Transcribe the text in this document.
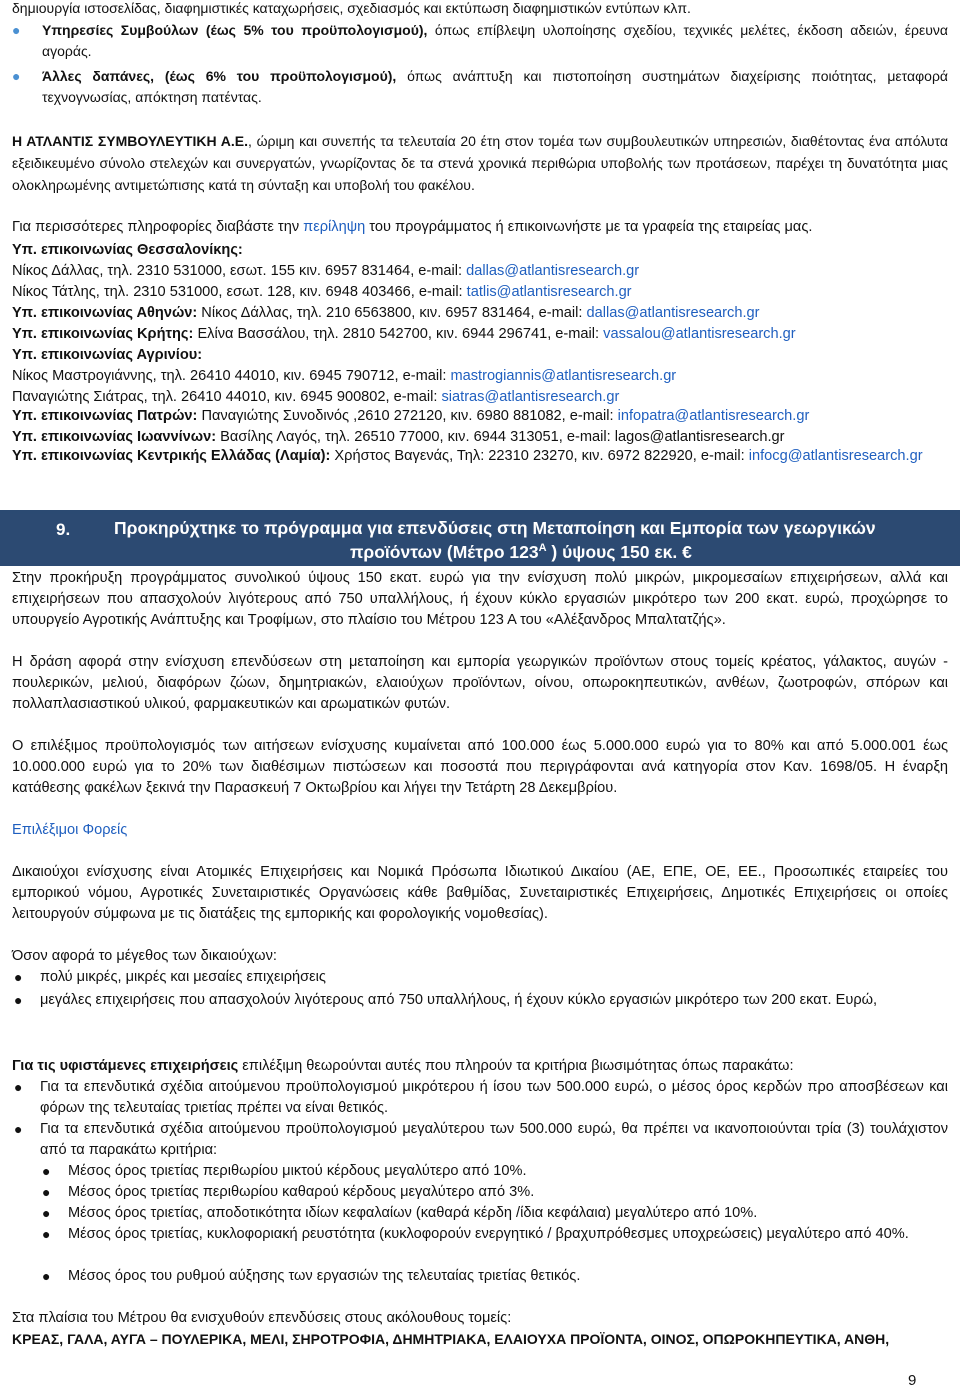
δημιουργία ιστοσελίδας, διαφημιστικές καταχωρήσεις, σχεδιασμός και εκτύπωση διαφημιστικών εντύπων κλπ.
● Υπηρεσίες Συμβούλων (έως 5% του προϋπολογισμού), όπως επίβλεψη υλοποίησης σχεδίου, τεχνικές μελέτες, έκδοση αδειών, έρευνα αγοράς.
● Άλλες δαπάνες, (έως 6% του προϋπολογισμού), όπως ανάπτυξη και πιστοποίηση συστημάτων διαχείρισης ποιότητας, μεταφορά τεχνογνωσίας, απόκτηση πατέντας.
Η ΑΤΛΑΝΤΙΣ ΣΥΜΒΟΥΛΕΥΤΙΚΗ Α.Ε., ώριμη και συνεπής τα τελευταία 20 έτη στον τομέα των συμβουλευτικών υπηρεσιών, διαθέτοντας ένα απόλυτα εξειδικευμένο σύνολο στελεχών και συνεργατών, γνωρίζοντας δε τα στενά χρονικά περιθώρια υποβολής των προτάσεων, παρέχει τη δυνατότητα μιας ολοκληρωμένης αντιμετώπισης κατά τη σύνταξη και υποβολή του φακέλου.
Για περισσότερες πληροφορίες διαβάστε την περίληψη του προγράμματος ή επικοινωνήστε με τα γραφεία της εταιρείας μας.
Υπ. επικοινωνίας Θεσσαλονίκης:
Νίκος Δάλλας, τηλ. 2310 531000, εσωτ. 155 κιν. 6957 831464, e-mail: dallas@atlantisresearch.gr
Νίκος Τάτλης, τηλ. 2310 531000, εσωτ. 128, κιν. 6948 403466, e-mail: tatlis@atlantisresearch.gr
Υπ. επικοινωνίας Αθηνών: Νίκος Δάλλας, τηλ. 210 6563800, κιν. 6957 831464, e-mail: dallas@atlantisresearch.gr
Υπ. επικοινωνίας Κρήτης: Ελίνα Βασσάλου, τηλ. 2810 542700, κιν. 6944 296741, e-mail: vassalou@atlantisresearch.gr
Υπ. επικοινωνίας Αγρινίου:
Νίκος Μαστρογιάννης, τηλ. 26410 44010, κιν. 6945 790712, e-mail: mastrogiannis@atlantisresearch.gr
Παναγιώτης Σιάτρας, τηλ. 26410 44010, κιν. 6945 900802, e-mail: siatras@atlantisresearch.gr
Υπ. επικοινωνίας Πατρών: Παναγιώτης Συνοδινός ,2610 272120, κιν. 6980 881082, e-mail: infopatra@atlantisresearch.gr
Υπ. επικοινωνίας Ιωαννίνων: Βασίλης Λαγός, τηλ. 26510 77000, κιν. 6944 313051, e-mail: lagos@atlantisresearch.gr
Υπ. επικοινωνίας Κεντρικής Ελλάδας (Λαμία): Χρήστος Βαγενάς, Τηλ: 22310 23270, κιν. 6972 822920, e-mail: infocg@atlantisresearch.gr
9.	Προκηρύχτηκε το πρόγραμμα για επενδύσεις στη Μεταποίηση και Εμπορία των γεωργικών
προϊόντων (Μέτρο $123^A$ ) ύψους 150 εκ. €
Στην προκήρυξη προγράμματος συνολικού ύψους 150 εκατ. ευρώ για την ενίσχυση πολύ μικρών, μικρομεσαίων επιχειρήσεων, αλλά και επιχειρήσεων που απασχολούν λιγότερους από 750 υπαλλήλους, ή έχουν κύκλο εργασιών μικρότερο των 200 εκατ. ευρώ, προχώρησε το υπουργείο Αγροτικής Ανάπτυξης και Τροφίμων, στο πλαίσιο του Μέτρου 123 Α του «Αλέξανδρος Μπαλτατζής».
Η δράση αφορά στην ενίσχυση επενδύσεων στη μεταποίηση και εμπορία γεωργικών προϊόντων στους τομείς κρέατος, γάλακτος, αυγών - πουλερικών, μελιού, διαφόρων ζώων, δημητριακών, ελαιούχων προϊόντων, οίνου, οπωροκηπευτικών, ανθέων, ζωοτροφών, σπόρων και πολλαπλασιαστικού υλικού, φαρμακευτικών και αρωματικών φυτών.
Ο επιλέξιμος προϋπολογισμός των αιτήσεων ενίσχυσης κυμαίνεται από 100.000 έως 5.000.000 ευρώ για το 80% και από 5.000.001 έως 10.000.000 ευρώ για το 20% των διαθέσιμων πιστώσεων και ποσοστά που περιγράφονται ανά κατηγορία στον Καν. 1698/05. Η έναρξη κατάθεσης φακέλων ξεκινά την Παρασκευή 7 Οκτωβρίου και λήγει την Τετάρτη 28 Δεκεμβρίου.
Επιλέξιμοι Φορείς
Δικαιούχοι ενίσχυσης είναι Ατομικές Επιχειρήσεις και Νομικά Πρόσωπα Ιδιωτικού Δικαίου (ΑΕ, ΕΠΕ, ΟΕ, ΕΕ., Προσωπικές εταιρείες του εμπορικού νόμου, Αγροτικές Συνεταιριστικές Οργανώσεις κάθε βαθμίδας, Συνεταιριστικές Επιχειρήσεις, Δημοτικές Επιχειρήσεις οι οποίες λειτουργούν σύμφωνα με τις διατάξεις της εμπορικής και φορολογικής νομοθεσίας).
Όσον αφορά το μέγεθος των δικαιούχων:
● πολύ μικρές, μικρές και μεσαίες επιχειρήσεις
● μεγάλες επιχειρήσεις που απασχολούν λιγότερους από 750 υπαλλήλους, ή έχουν κύκλο εργασιών μικρότερο των 200 εκατ. Ευρώ,
Για τις υφιστάμενες επιχειρήσεις επιλέξιμη θεωρούνται αυτές που πληρούν τα κριτήρια βιωσιμότητας όπως παρακάτω:
● Για τα επενδυτικά σχέδια αιτούμενου προϋπολογισμού μικρότερου ή ίσου των 500.000 ευρώ, ο μέσος όρος κερδών προ αποσβέσεων και φόρων της τελευταίας τριετίας πρέπει να είναι θετικός.
● Για τα επενδυτικά σχέδια αιτούμενου προϋπολογισμού μεγαλύτερου των 500.000 ευρώ, θα πρέπει να ικανοποιούνται τρία (3) τουλάχιστον από τα παρακάτω κριτήρια:
● Μέσος όρος τριετίας περιθωρίου μικτού κέρδους μεγαλύτερο από 10%.
● Μέσος όρος τριετίας περιθωρίου καθαρού κέρδους μεγαλύτερο από 3%.
● Μέσος όρος τριετίας, αποδοτικότητα ιδίων κεφαλαίων (καθαρά κέρδη /ίδια κεφάλαια) μεγαλύτερο από 10%.
● Μέσος όρος τριετίας, κυκλοφοριακή ρευστότητα (κυκλοφορούν ενεργητικό / βραχυπρόθεσμες υποχρεώσεις) μεγαλύτερο από 40%.
● Μέσος όρος του ρυθμού αύξησης των εργασιών της τελευταίας τριετίας θετικός.
Στα πλαίσια του Μέτρου θα ενισχυθούν επενδύσεις στους ακόλουθους τομείς:
ΚΡΕΑΣ, ΓΑΛΑ, ΑΥΓΑ – ΠΟΥΛΕΡΙΚΑ, ΜΕΛΙ, ΣΗΡΟΤΡΟΦΙΑ, ΔΗΜΗΤΡΙΑΚΑ, ΕΛΑΙΟΥΧΑ ΠΡΟΪΟΝΤΑ, ΟΙΝΟΣ, ΟΠΩΡΟΚΗΠΕΥΤΙΚΑ, ΑΝΘΗ,
9
